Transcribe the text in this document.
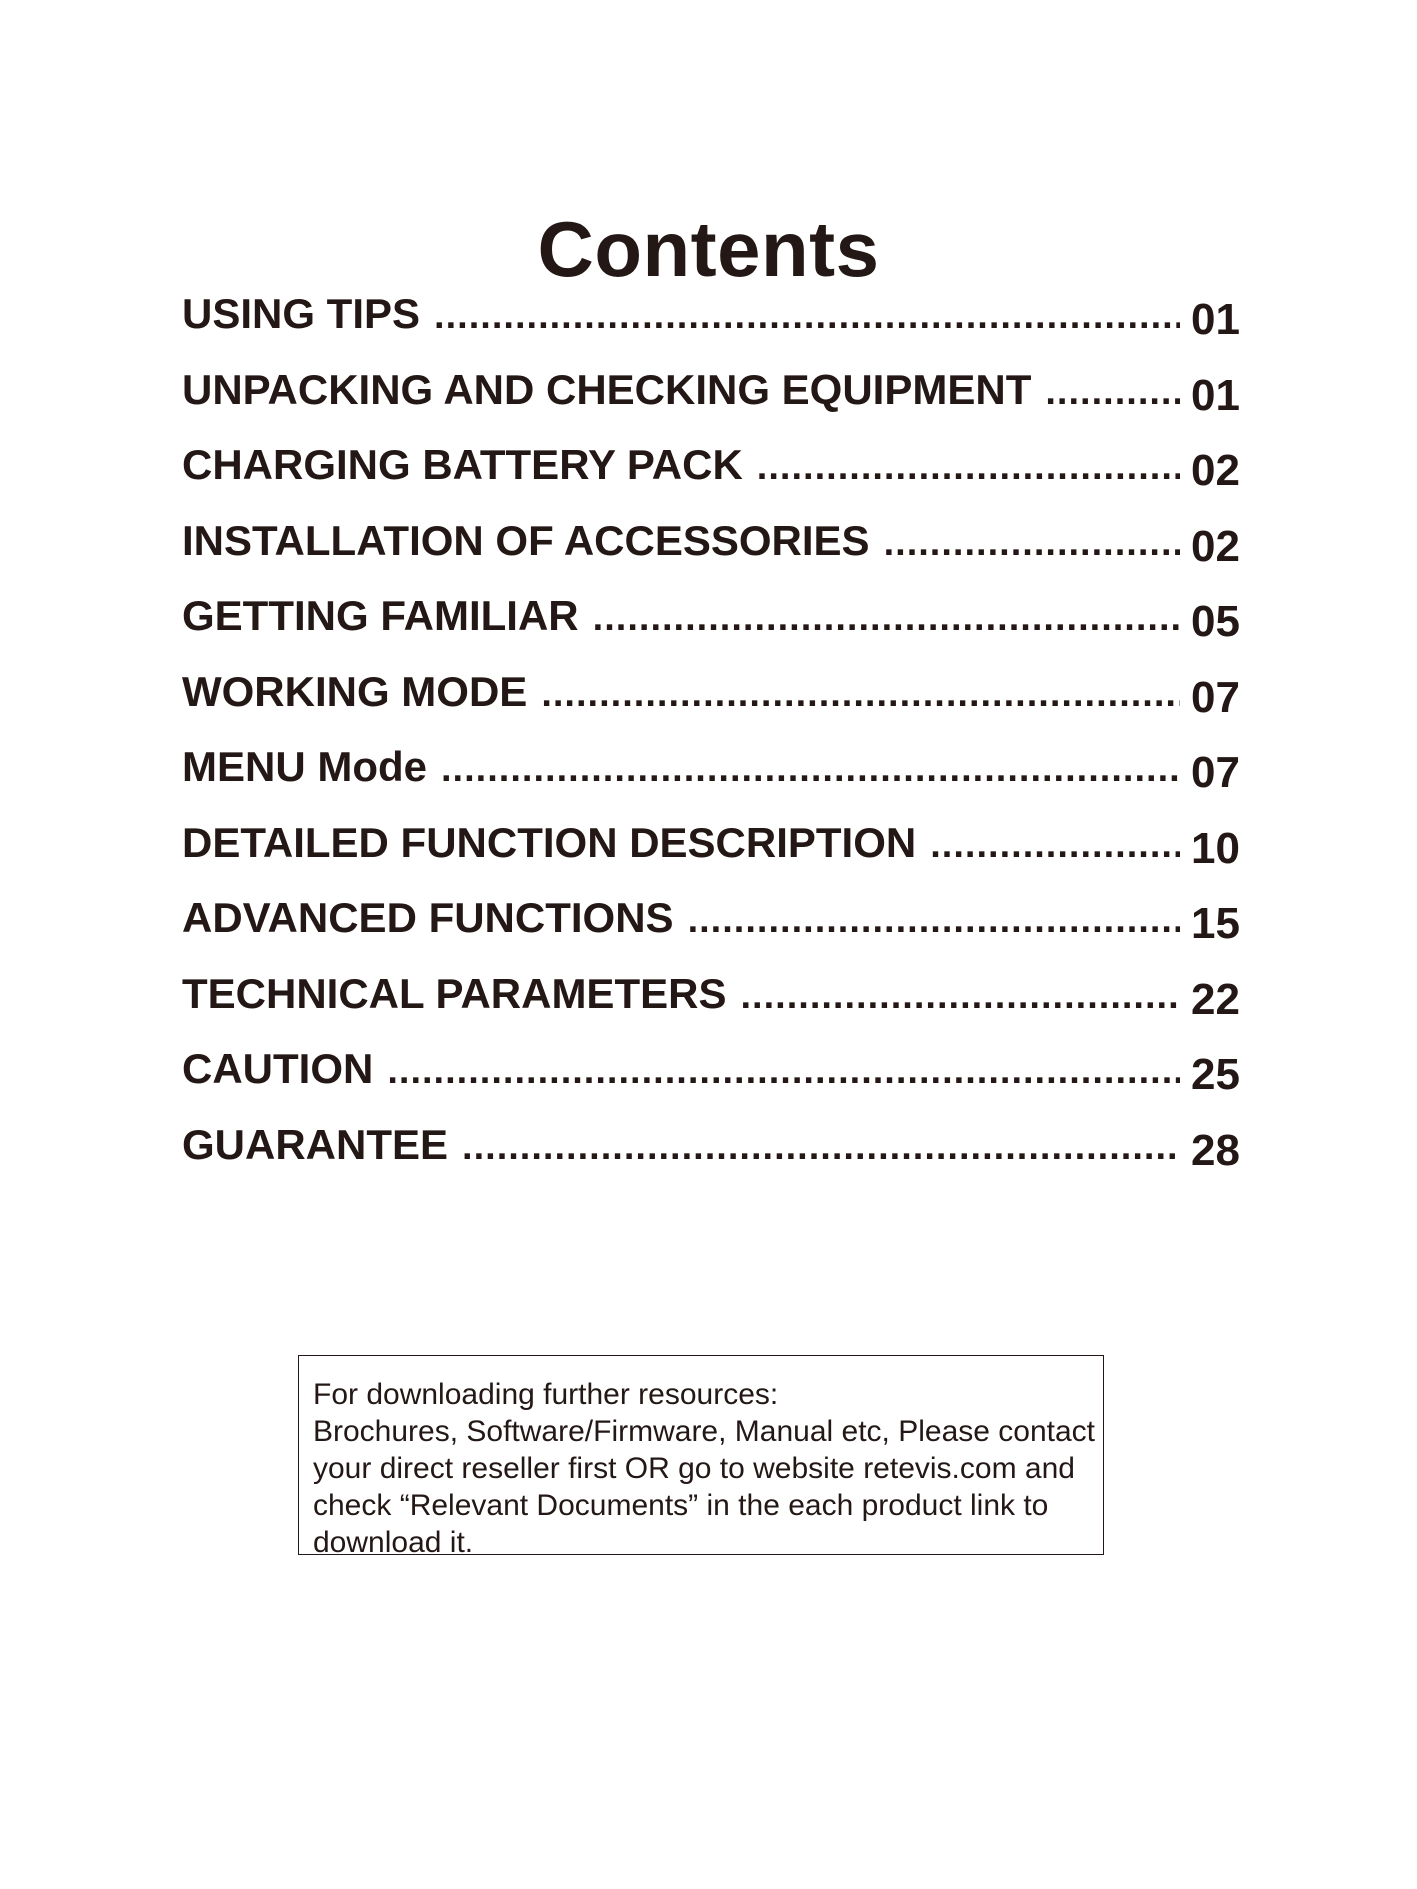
Contents
USING TIPS .....	01
UNPACKING AND CHECKING EQUIPMENT .....	01
CHARGING BATTERY PACK .....	02
INSTALLATION OF ACCESSORIES .....	02
GETTING FAMILIAR .....	05
WORKING MODE .....	07
MENU Mode .....	07
DETAILED FUNCTION DESCRIPTION .....	10
ADVANCED FUNCTIONS .....	15
TECHNICAL PARAMETERS .....	22
CAUTION .....	25
GUARANTEE .....	28

For downloading further resources:

Brochures, Software/Firmware, Manual etc, Please contact your direct reseller first OR go to website retevis.com and check “Relevant Documents” in the each product link to download it.
